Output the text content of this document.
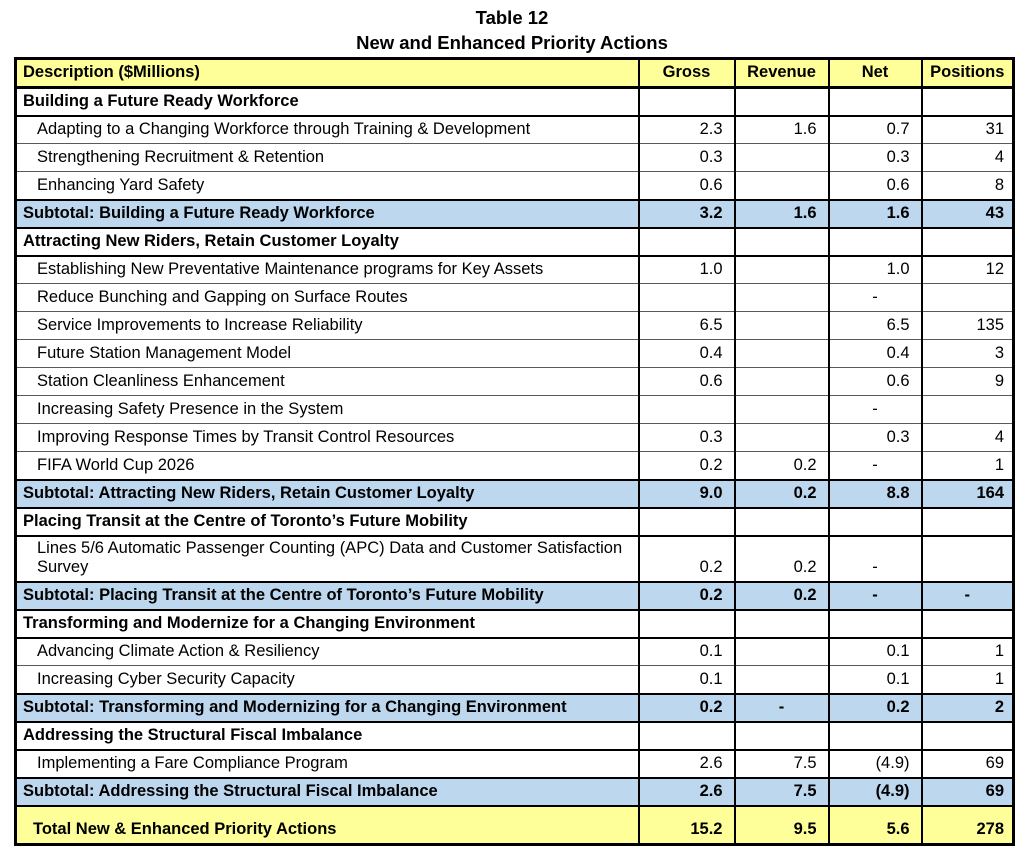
Table 12
New and Enhanced Priority Actions
Description ($Millions)	Gross	Revenue	Net	Positions
Building a Future Ready Workforce				
Adapting to a Changing Workforce through Training & Development	2.3	1.6	0.7	31
Strengthening Recruitment & Retention	0.3		0.3	4
Enhancing Yard Safety	0.6		0.6	8
Subtotal: Building a Future Ready Workforce	3.2	1.6	1.6	43
Attracting New Riders, Retain Customer Loyalty				
Establishing New Preventative Maintenance programs for Key Assets	1.0		1.0	12
Reduce Bunching and Gapping on Surface Routes			-	
Service Improvements to Increase Reliability	6.5		6.5	135
Future Station Management Model	0.4		0.4	3
Station Cleanliness Enhancement	0.6		0.6	9
Increasing Safety Presence in the System			-	
Improving Response Times by Transit Control Resources	0.3		0.3	4
FIFA World Cup 2026	0.2	0.2	-	1
Subtotal: Attracting New Riders, Retain Customer Loyalty	9.0	0.2	8.8	164
Placing Transit at the Centre of Toronto’s Future Mobility				
Lines 5/6 Automatic Passenger Counting (APC) Data and Customer Satisfaction Survey	0.2	0.2	-	
Subtotal: Placing Transit at the Centre of Toronto’s Future Mobility	0.2	0.2	-	-
Transforming and Modernize for a Changing Environment				
Advancing Climate Action & Resiliency	0.1		0.1	1
Increasing Cyber Security Capacity	0.1		0.1	1
Subtotal: Transforming and Modernizing for a Changing Environment	0.2	-	0.2	2
Addressing the Structural Fiscal Imbalance				
Implementing a Fare Compliance Program	2.6	7.5	(4.9)	69
Subtotal: Addressing the Structural Fiscal Imbalance	2.6	7.5	(4.9)	69
Total New & Enhanced Priority Actions	15.2	9.5	5.6	278
